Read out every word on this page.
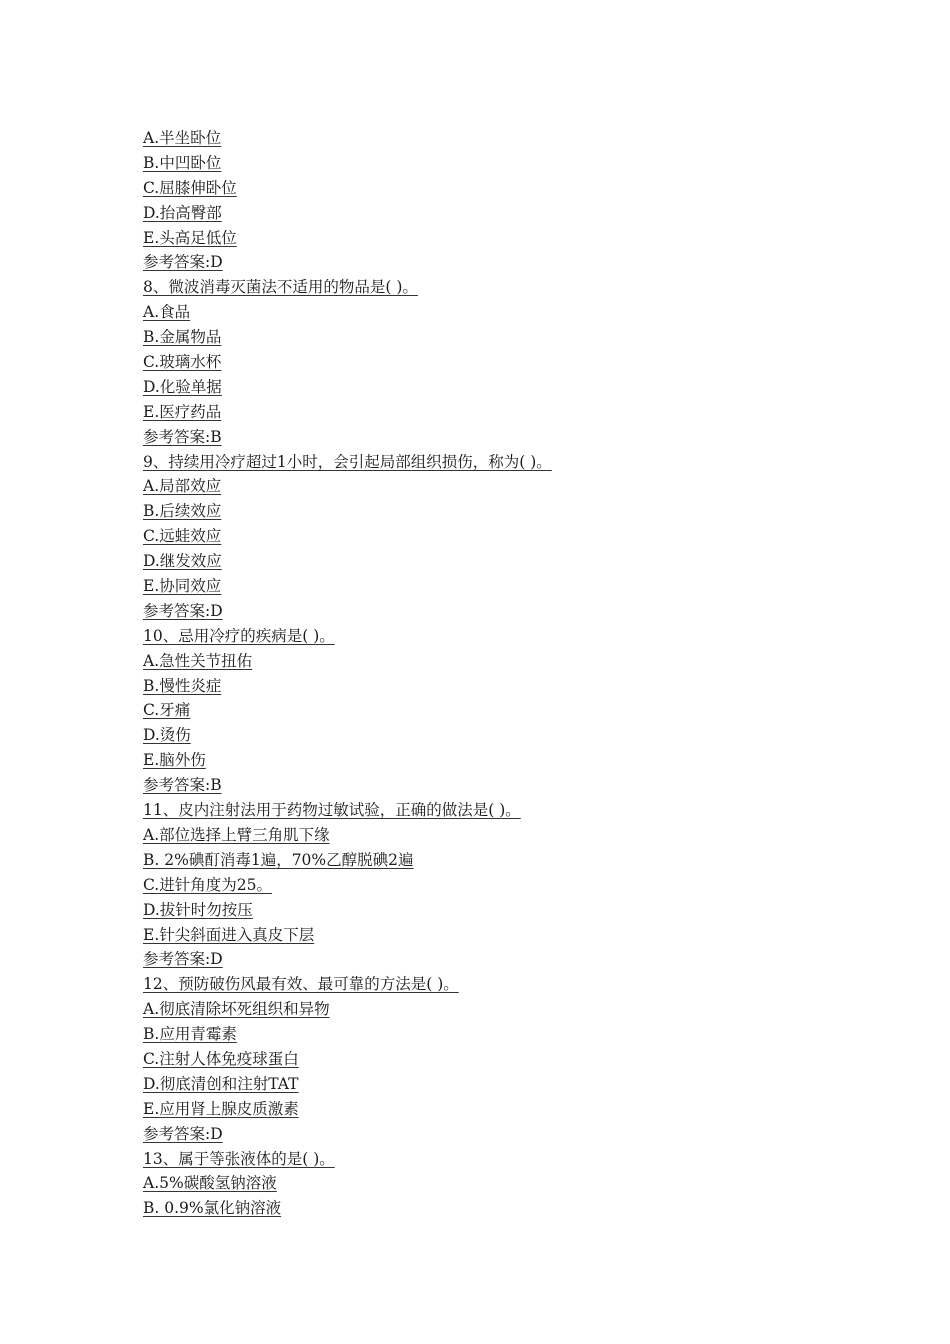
A.半坐卧位
B.中凹卧位
C.屈膝伸卧位
D.抬高臀部
E.头高足低位
参考答案:D
8、微波消毒灭菌法不适用的物品是( )。
A.食品
B.金属物品
C.玻璃水杯
D.化验单据
E.医疗药品
参考答案:B
9、持续用冷疗超过1小时，会引起局部组织损伤，称为( )。
A.局部效应
B.后续效应
C.远蛙效应
D.继发效应
E.协同效应
参考答案:D
10、忌用冷疗的疾病是( )。
A.急性关节扭佑
B.慢性炎症
C.牙痛
D.烫伤
E.脑外伤
参考答案:B
11、皮内注射法用于药物过敏试验，正确的做法是( )。
A.部位选择上臂三角肌下缘
B. 2%碘酊消毒1遍，70%乙醇脱碘2遍
C.进针角度为25。
D.拔针时勿按压
E.针尖斜面进入真皮下层
参考答案:D
12、预防破伤风最有效、最可靠的方法是( )。
A.彻底清除坏死组织和异物
B.应用青霉素
C.注射人体免疫球蛋白
D.彻底清创和注射TAT
E.应用肾上腺皮质激素
参考答案:D
13、属于等张液体的是( )。
A.5%碳酸氢钠溶液
B. 0.9%氯化钠溶液
